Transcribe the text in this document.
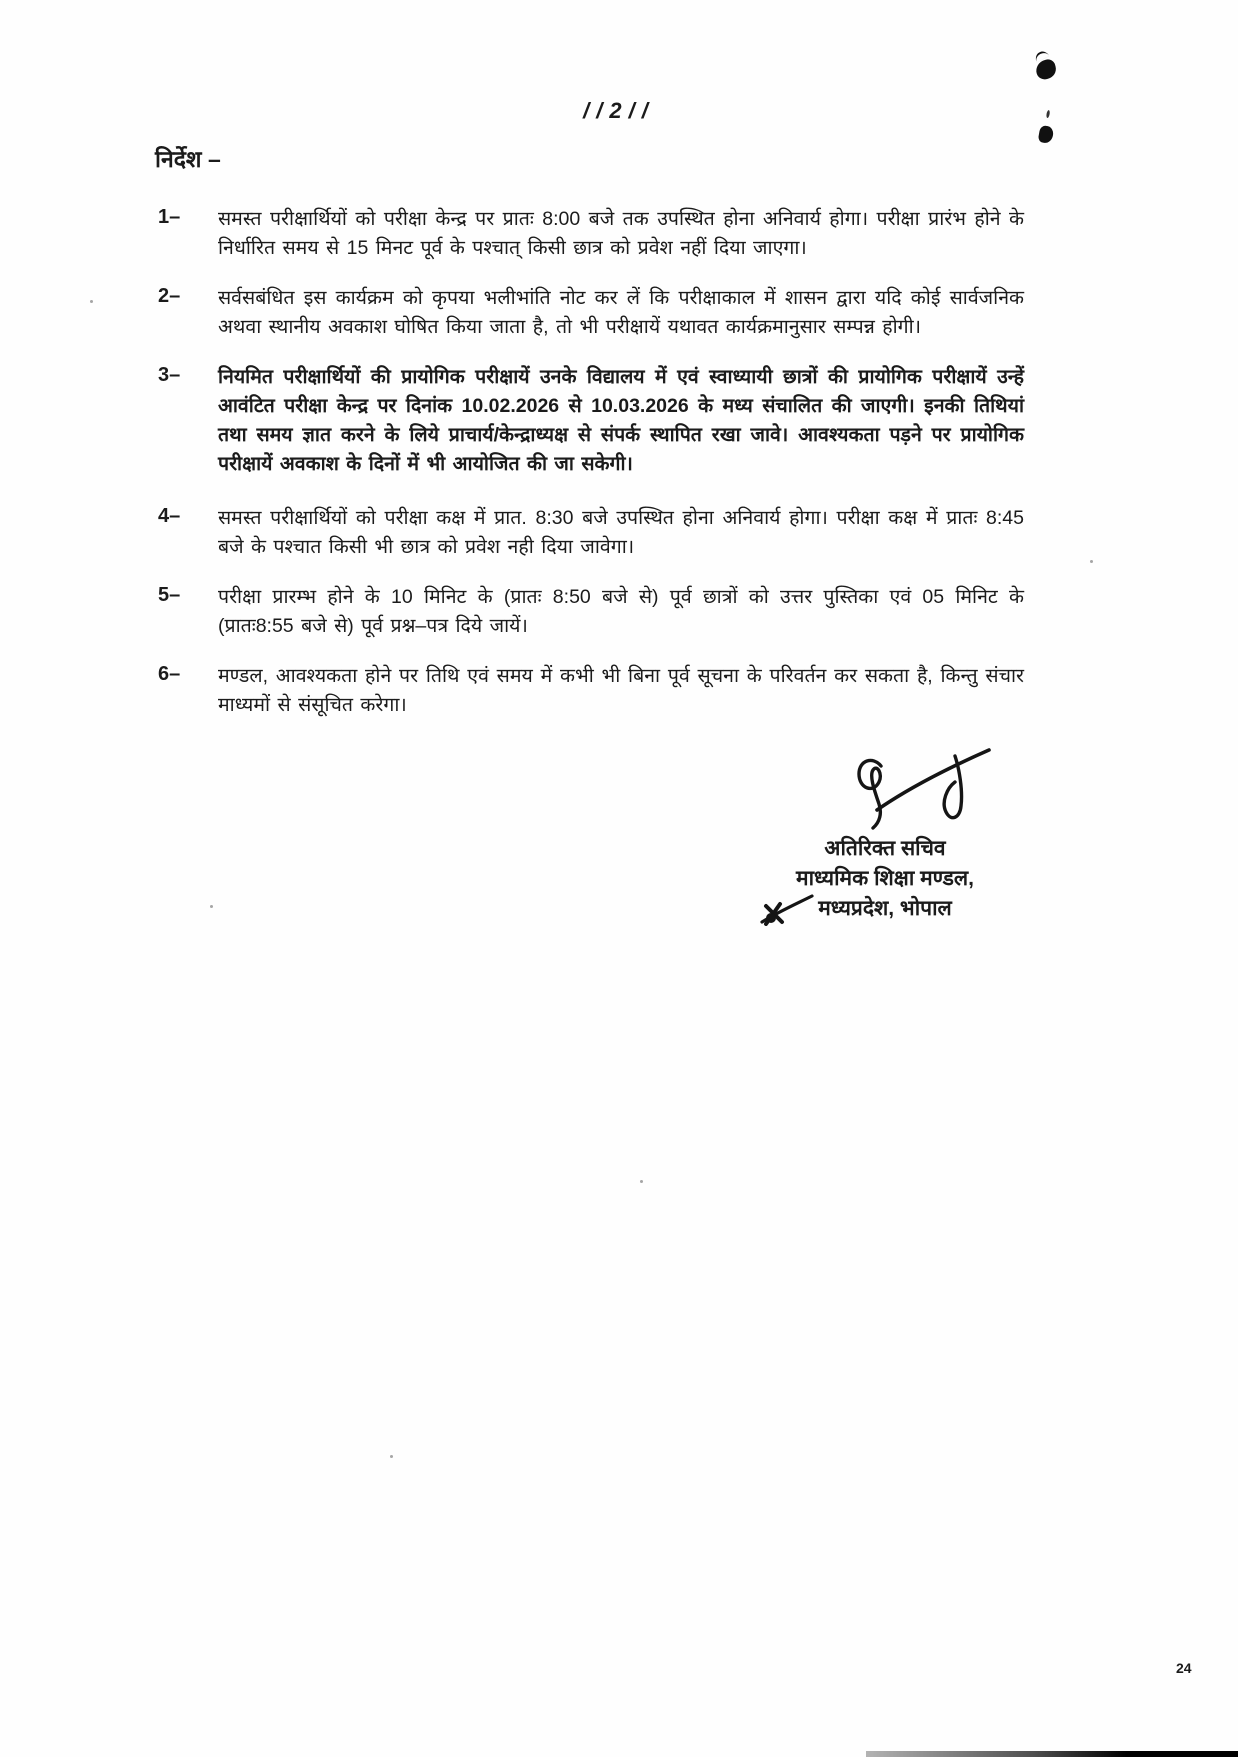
//2//
निर्देश –
1–	समस्त परीक्षार्थियों को परीक्षा केन्द्र पर प्रातः 8:00 बजे तक उपस्थित होना अनिवार्य होगा। परीक्षा प्रारंभ होने के निर्धारित समय से 15 मिनट पूर्व के पश्चात् किसी छात्र को प्रवेश नहीं दिया जाएगा।
2–	सर्वसबंधित इस कार्यक्रम को कृपया भलीभांति नोट कर लें कि परीक्षाकाल में शासन द्वारा यदि कोई सार्वजनिक अथवा स्थानीय अवकाश घोषित किया जाता है, तो भी परीक्षायें यथावत कार्यक्रमानुसार सम्पन्न होगी।
3–	नियमित परीक्षार्थियों की प्रायोगिक परीक्षायें उनके विद्यालय में एवं स्वाध्यायी छात्रों की प्रायोगिक परीक्षायें उन्हें आवंटित परीक्षा केन्द्र पर दिनांक 10.02.2026 से 10.03.2026 के मध्य संचालित की जाएगी। इनकी तिथियां तथा समय ज्ञात करने के लिये प्राचार्य/केन्द्राध्यक्ष से संपर्क स्थापित रखा जावे। आवश्यकता पड़ने पर प्रायोगिक परीक्षायें अवकाश के दिनों में भी आयोजित की जा सकेगी।
4–	समस्त परीक्षार्थियों को परीक्षा कक्ष में प्रात. 8:30 बजे उपस्थित होना अनिवार्य होगा। परीक्षा कक्ष में प्रातः 8:45 बजे के पश्चात किसी भी छात्र को प्रवेश नही दिया जावेगा।
5–	परीक्षा प्रारम्भ होने के 10 मिनिट के (प्रातः 8:50 बजे से) पूर्व छात्रों को उत्तर पुस्तिका एवं 05 मिनिट के (प्रातः8:55 बजे से) पूर्व प्रश्न–पत्र दिये जायें।
6–	मण्डल, आवश्यकता होने पर तिथि एवं समय में कभी भी बिना पूर्व सूचना के परिवर्तन कर सकता है, किन्तु संचार माध्यमों से संसूचित करेगा।
अतिरिक्त सचिव
माध्यमिक शिक्षा मण्डल,
मध्यप्रदेश, भोपाल
24
